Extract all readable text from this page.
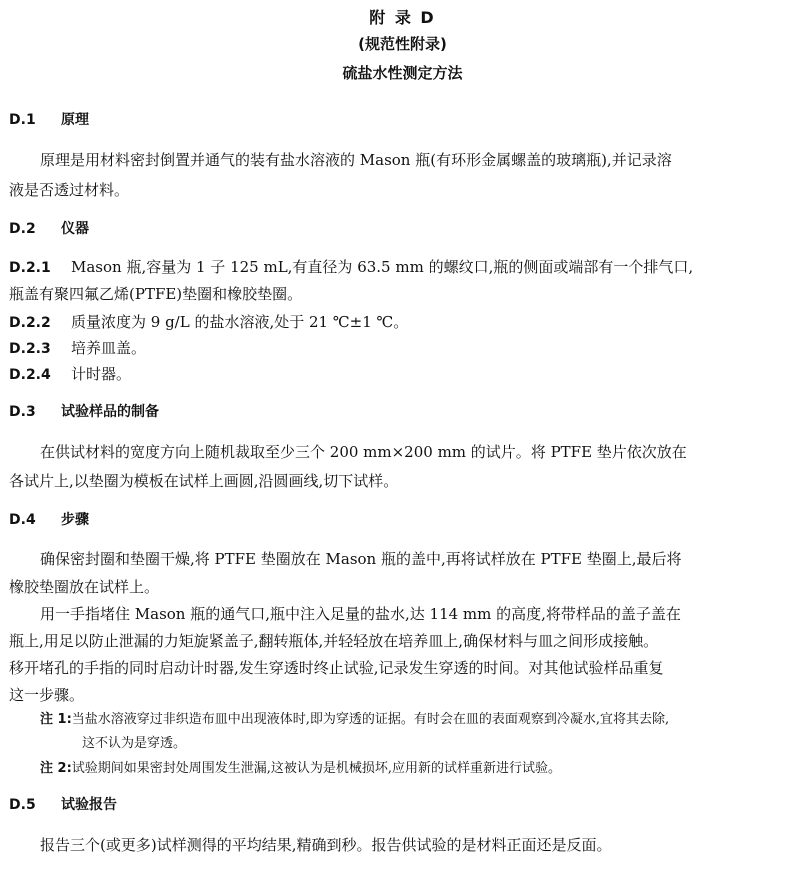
附 录 D
(规范性附录)
硫盐水性测定方法
D.1 原理
原理是用材料密封倒置并通气的装有盐水溶液的 Mason 瓶(有环形金属螺盖的玻璃瓶),并记录溶
液是否透过材料。
D.2 仪器
D.2.1 Mason 瓶,容量为 1 子 125 mL,有直径为 63.5 mm 的螺纹口,瓶的侧面或端部有一个排气口,
瓶盖有聚四氟乙烯(PTFE)垫圈和橡胶垫圈。
D.2.2 质量浓度为 9 g/L 的盐水溶液,处于 21 ℃±1 ℃。
D.2.3 培养皿盖。
D.2.4 计时器。
D.3 试验样品的制备
在供试材料的宽度方向上随机裁取至少三个 200 mm×200 mm 的试片。将 PTFE 垫片依次放在
各试片上,以垫圈为模板在试样上画圆,沿圆画线,切下试样。
D.4 步骤
确保密封圈和垫圈干燥,将 PTFE 垫圈放在 Mason 瓶的盖中,再将试样放在 PTFE 垫圈上,最后将
橡胶垫圈放在试样上。
用一手指堵住 Mason 瓶的通气口,瓶中注入足量的盐水,达 114 mm 的高度,将带样品的盖子盖在
瓶上,用足以防止泄漏的力矩旋紧盖子,翻转瓶体,并轻轻放在培养皿上,确保材料与皿之间形成接触。
移开堵孔的手指的同时启动计时器,发生穿透时终止试验,记录发生穿透的时间。对其他试验样品重复
这一步骤。
注 1:当盐水溶液穿过非织造布皿中出现液体时,即为穿透的证据。有时会在皿的表面观察到冷凝水,宜将其去除,
这不认为是穿透。
注 2:试验期间如果密封处周围发生泄漏,这被认为是机械损坏,应用新的试样重新进行试验。
D.5 试验报告
报告三个(或更多)试样测得的平均结果,精确到秒。报告供试验的是材料正面还是反面。
